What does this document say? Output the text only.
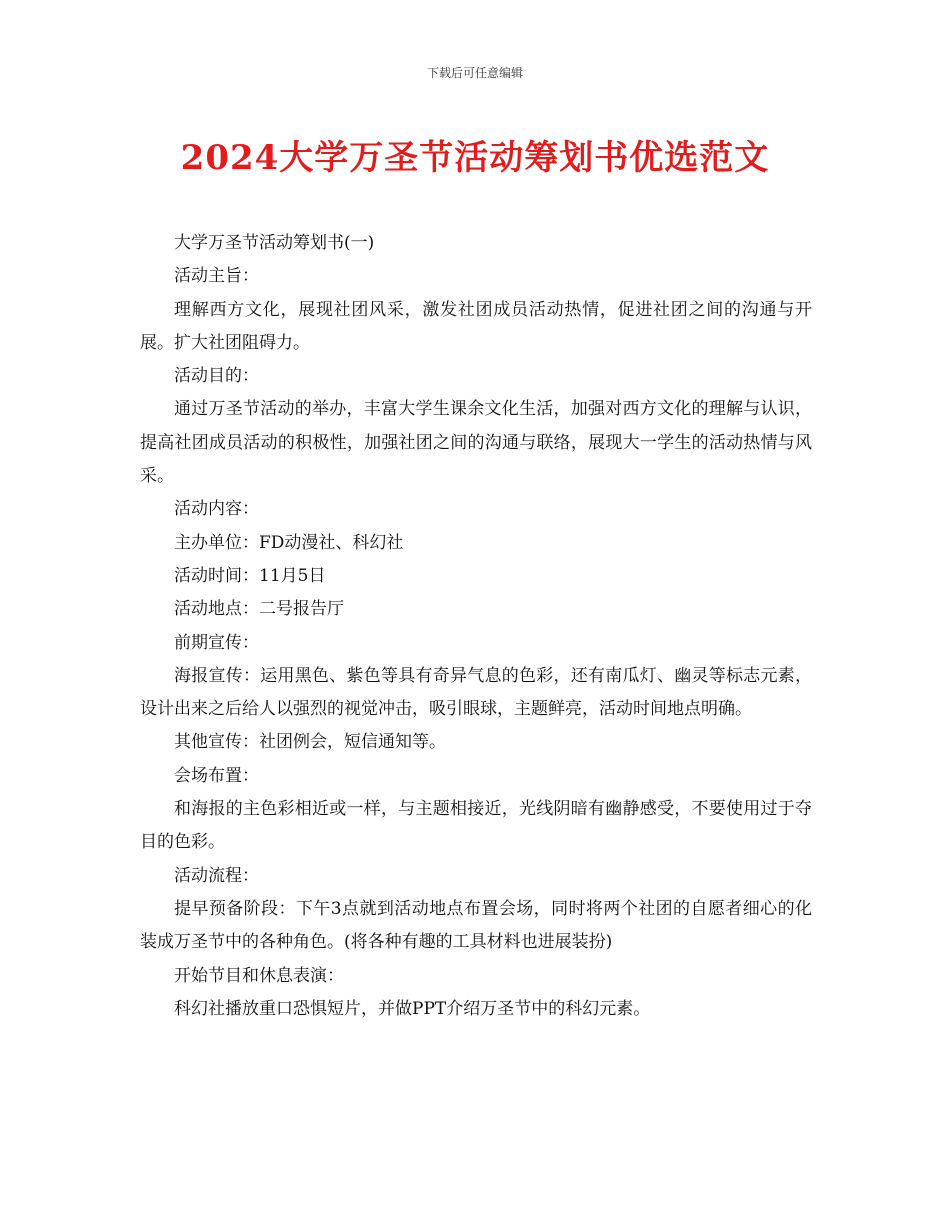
下载后可任意编辑
2024大学万圣节活动筹划书优选范文

大学万圣节活动筹划书(一)

活动主旨：

理解西方文化，展现社团风采，激发社团成员活动热情，促进社团之间的沟通与开展。扩大社团阻碍力。

活动目的：

通过万圣节活动的举办，丰富大学生课余文化生活，加强对西方文化的理解与认识，提高社团成员活动的积极性，加强社团之间的沟通与联络，展现大一学生的活动热情与风采。

活动内容：

主办单位：FD动漫社、科幻社

活动时间：11月5日

活动地点：二号报告厅

前期宣传：

海报宣传：运用黑色、紫色等具有奇异气息的色彩，还有南瓜灯、幽灵等标志元素，设计出来之后给人以强烈的视觉冲击，吸引眼球，主题鲜亮，活动时间地点明确。

其他宣传：社团例会，短信通知等。

会场布置：

和海报的主色彩相近或一样，与主题相接近，光线阴暗有幽静感受，不要使用过于夺目的色彩。

活动流程：

提早预备阶段：下午3点就到活动地点布置会场，同时将两个社团的自愿者细心的化装成万圣节中的各种角色。(将各种有趣的工具材料也进展装扮)

开始节目和休息表演：

科幻社播放重口恐惧短片，并做PPT介绍万圣节中的科幻元素。
